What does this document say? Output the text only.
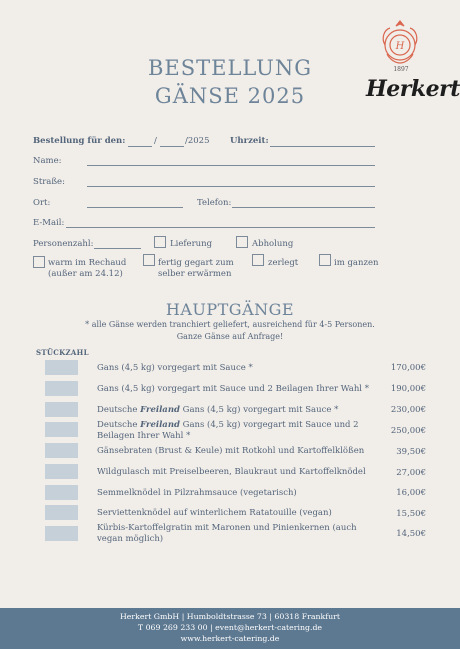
H
1897
Herkert
BESTELLUNG
GÄNSE 2025
Bestellung für den:	/	/2025 Uhrzeit:
Name:
Straße:
Ort:	Telefon:
E-Mail:
Personenzahl:	Lieferung	Abholung
warm im Rechaud
(außer am 24.12)
fertig gegart zum
selber erwärmen
zerlegt	im ganzen
HAUPTGÄNGE
* alle Gänse werden tranchiert geliefert, ausreichend für 4-5 Personen.
Ganze Gänse auf Anfrage!
STÜCKZAHL
Gans (4,5 kg) vorgegart mit Sauce *	170,00€
Gans (4,5 kg) vorgegart mit Sauce und 2 Beilagen Ihrer Wahl *	190,00€
Deutsche Freiland Gans (4,5 kg) vorgegart mit Sauce *	230,00€
Deutsche Freiland Gans (4,5 kg) vorgegart mit Sauce und 2 Beilagen Ihrer Wahl *	250,00€
Gänsebraten (Brust & Keule) mit Rotkohl und Kartoffelklößen	39,50€
Wildgulasch mit Preiselbeeren, Blaukraut und Kartoffelknödel	27,00€
Semmelknödel in Pilzrahmsauce (vegetarisch)	16,00€
Serviettenknödel auf winterlichem Ratatouille (vegan)	15,50€
Kürbis-Kartoffelgratin mit Maronen und Pinienkernen (auch vegan möglich)	14,50€
Herkert GmbH | Humboldtstrasse 73 | 60318 Frankfurt
T 069 269 233 00 | event@herkert-catering.de
www.herkert-catering.de
